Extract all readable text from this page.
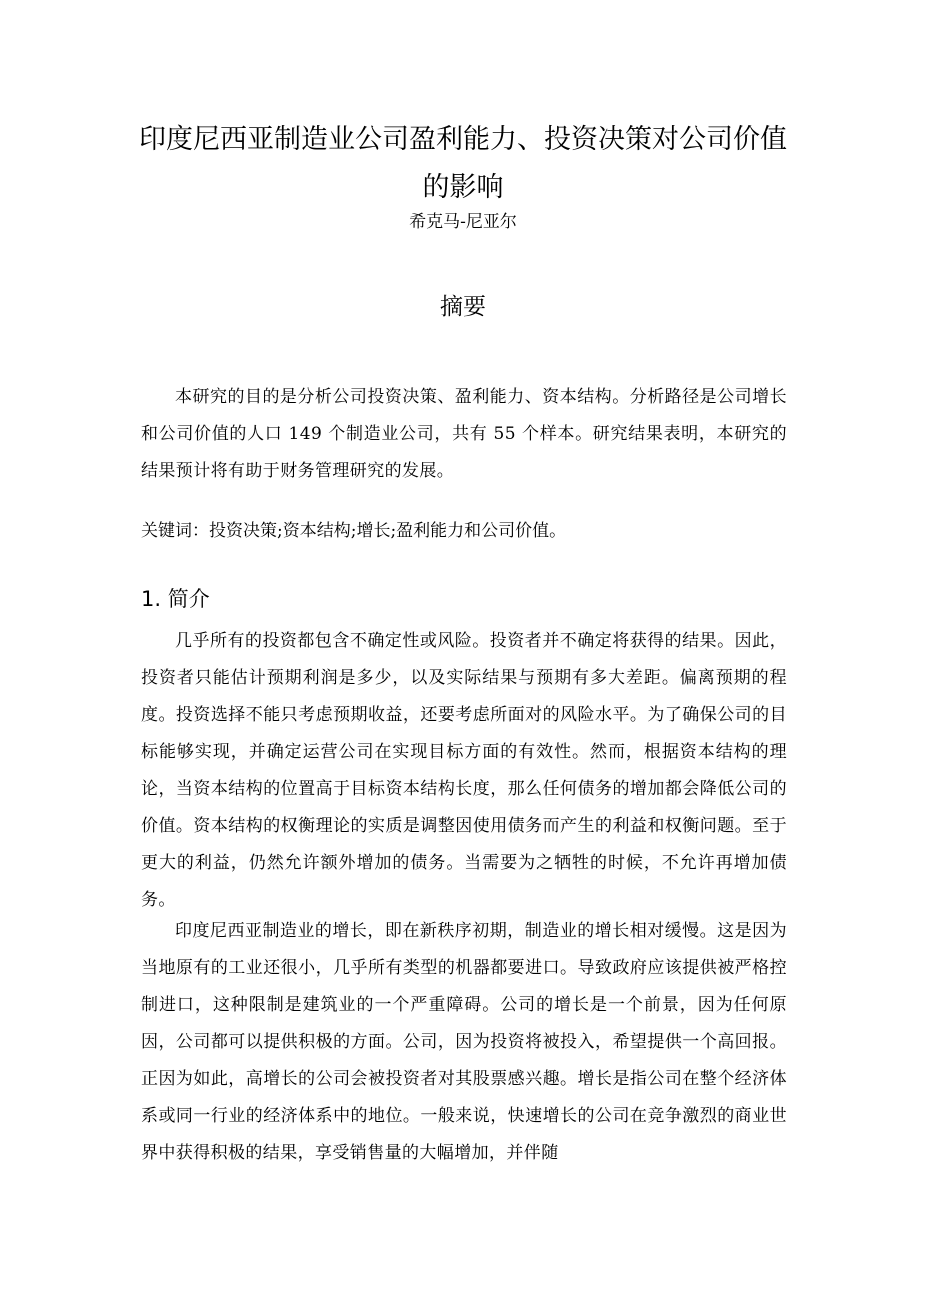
印度尼西亚制造业公司盈利能力、投资决策对公司价值的影响
希克马-尼亚尔
摘要

本研究的目的是分析公司投资决策、盈利能力、资本结构。分析路径是公司增长和公司价值的人口 149 个制造业公司，共有 55 个样本。研究结果表明，本研究的结果预计将有助于财务管理研究的发展。

关键词：投资决策;资本结构;增长;盈利能力和公司价值。

1. 简介

几乎所有的投资都包含不确定性或风险。投资者并不确定将获得的结果。因此，投资者只能估计预期利润是多少，以及实际结果与预期有多大差距。偏离预期的程度。投资选择不能只考虑预期收益，还要考虑所面对的风险水平。为了确保公司的目标能够实现，并确定运营公司在实现目标方面的有效性。然而，根据资本结构的理论，当资本结构的位置高于目标资本结构长度，那么任何债务的增加都会降低公司的价值。资本结构的权衡理论的实质是调整因使用债务而产生的利益和权衡问题。至于更大的利益，仍然允许额外增加的债务。当需要为之牺牲的时候，不允许再增加债务。

印度尼西亚制造业的增长，即在新秩序初期，制造业的增长相对缓慢。这是因为当地原有的工业还很小，几乎所有类型的机器都要进口。导致政府应该提供被严格控制进口，这种限制是建筑业的一个严重障碍。公司的增长是一个前景，因为任何原因，公司都可以提供积极的方面。公司，因为投资将被投入，希望提供一个高回报。正因为如此，高增长的公司会被投资者对其股票感兴趣。增长是指公司在整个经济体系或同一行业的经济体系中的地位。一般来说，快速增长的公司在竞争激烈的商业世界中获得积极的结果，享受销售量的大幅增加，并伴随
